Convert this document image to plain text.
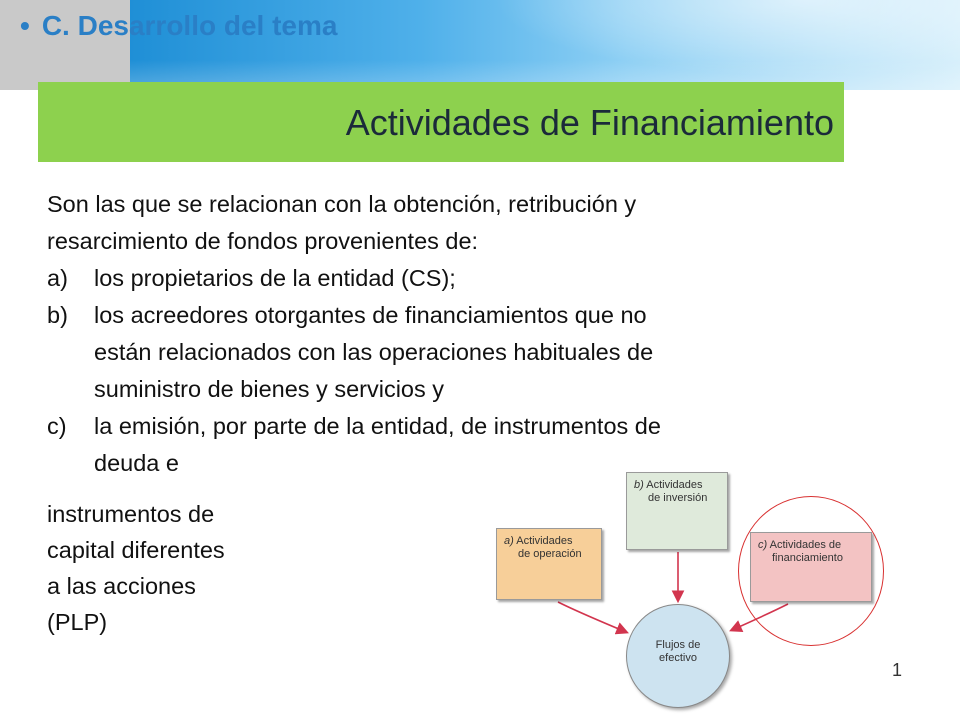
• C. Desarrollo del tema
Actividades de Financiamiento
Son las que se relacionan con la obtención, retribución y
resarcimiento de fondos provenientes de:
a) los propietarios de la entidad (CS);
b) los acreedores otorgantes de financiamientos que no
están relacionados con las operaciones habituales de
suministro de bienes y servicios y
c) la emisión, por parte de la entidad, de instrumentos de
deuda e
instrumentos de
capital diferentes
a las acciones
(PLP)
b) Actividades
de inversión
a) Actividades
de operación
c) Actividades de
financiamiento
Flujos de
efectivo
1
